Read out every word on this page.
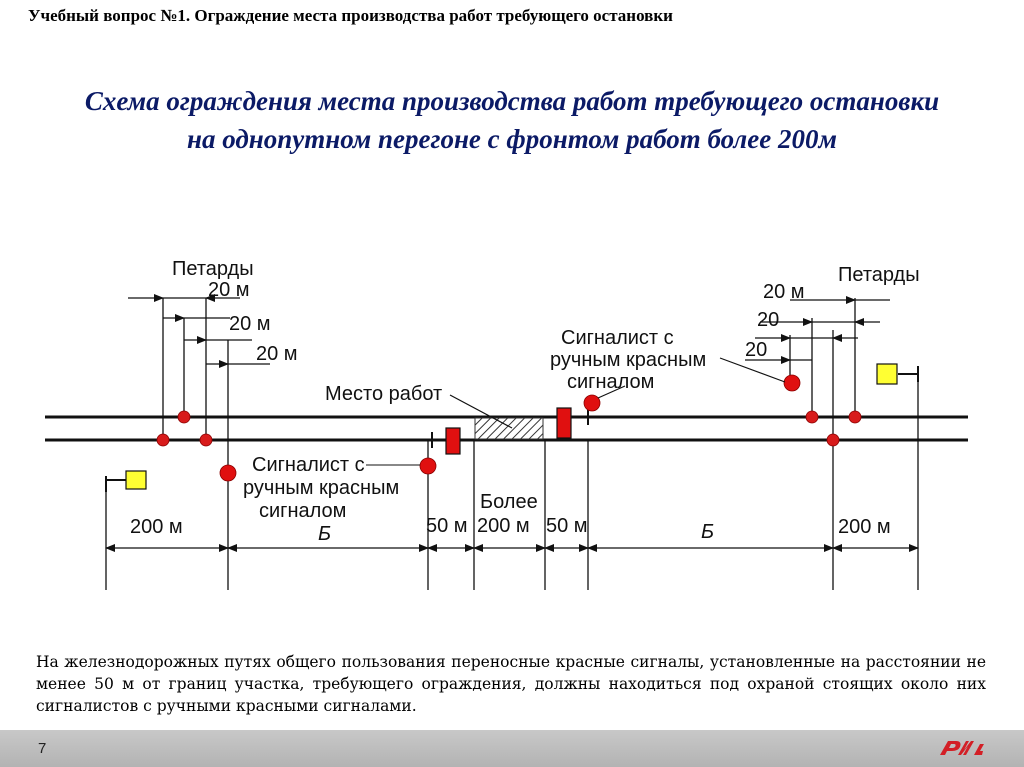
Учебный вопрос №1. Ограждение места производства работ требующего остановки
Схема ограждения места производства работ требующего остановки
на однопутном перегоне с фронтом работ более 200м
Петарды
20 м
20 м
20 м
Петарды
20 м
20
20
Место работ
Сигналист с
ручным красным
сигналом
Сигналист с
ручным красным
сигналом
200 м	Б	50 м
Более
200 м 50 м	Б	200 м
На железнодорожных путях общего пользования переносные красные сигналы, установленные на расстоянии не менее 50 м от границ участка, требующего ограждения, должны находиться под охраной стоящих около них сигналистов с ручными красными сигналами.
7
